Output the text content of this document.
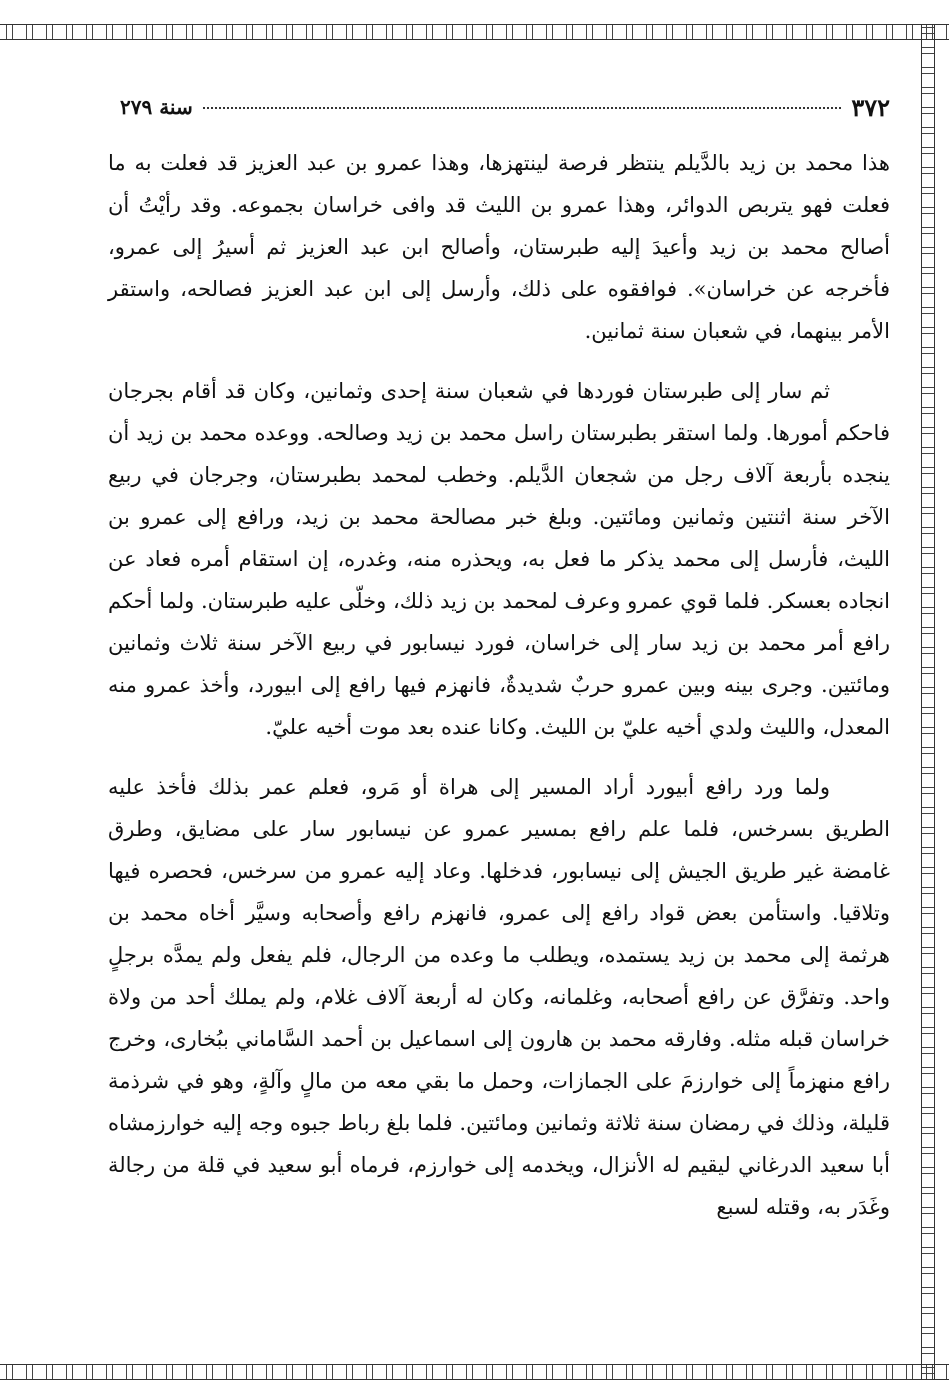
٣٧٢
سنة ٢٧٩

هذا محمد بن زيد بالدَّيلم ينتظر فرصة لينتهزها، وهذا عمرو بن عبد العزيز قد فعلت به ما فعلت فهو يتربص الدوائر، وهذا عمرو بن الليث قد وافى خراسان بجموعه. وقد رأيْتُ أن أصالح محمد بن زيد وأعيدَ إليه طبرستان، وأصالح ابن عبد العزيز ثم أسيرُ إلى عمرو، فأخرجه عن خراسان». فوافقوه على ذلك، وأرسل إلى ابن عبد العزيز فصالحه، واستقر الأمر بينهما، في شعبان سنة ثمانين.

ثم سار إلى طبرستان فوردها في شعبان سنة إحدى وثمانين، وكان قد أقام بجرجان فاحكم أمورها. ولما استقر بطبرستان راسل محمد بن زيد وصالحه. ووعده محمد بن زيد أن ينجده بأربعة آلاف رجل من شجعان الدَّيلم. وخطب لمحمد بطبرستان، وجرجان في ربيع الآخر سنة اثنتين وثمانين ومائتين. وبلغ خبر مصالحة محمد بن زيد، ورافع إلى عمرو بن الليث، فأرسل إلى محمد يذكر ما فعل به، ويحذره منه، وغدره، إن استقام أمره فعاد عن انجاده بعسكر. فلما قوي عمرو وعرف لمحمد بن زيد ذلك، وخلّى عليه طبرستان. ولما أحكم رافع أمر محمد بن زيد سار إلى خراسان، فورد نيسابور في ربيع الآخر سنة ثلاث وثمانين ومائتين. وجرى بينه وبين عمرو حربٌ شديدةٌ، فانهزم فيها رافع إلى ابيورد، وأخذ عمرو منه المعدل، والليث ولدي أخيه عليّ بن الليث. وكانا عنده بعد موت أخيه عليّ.

ولما ورد رافع أبيورد أراد المسير إلى هراة أو مَرو، فعلم عمر بذلك فأخذ عليه الطريق بسرخس، فلما علم رافع بمسير عمرو عن نيسابور سار على مضايق، وطرق غامضة غير طريق الجيش إلى نيسابور، فدخلها. وعاد إليه عمرو من سرخس، فحصره فيها وتلاقيا. واستأمن بعض قواد رافع إلى عمرو، فانهزم رافع وأصحابه وسيَّر أخاه محمد بن هرثمة إلى محمد بن زيد يستمده، ويطلب ما وعده من الرجال، فلم يفعل ولم يمدَّه برجلٍ واحد. وتفرَّق عن رافع أصحابه، وغلمانه، وكان له أربعة آلاف غلام، ولم يملك أحد من ولاة خراسان قبله مثله. وفارقه محمد بن هارون إلى اسماعيل بن أحمد السَّاماني ببُخارى، وخرج رافع منهزماً إلى خوارزمَ على الجمازات، وحمل ما بقي معه من مالٍ وآلةٍ، وهو في شرذمة قليلة، وذلك في رمضان سنة ثلاثة وثمانين ومائتين. فلما بلغ رباط جبوه وجه إليه خوارزمشاه أبا سعيد الدرغاني ليقيم له الأنزال، ويخدمه إلى خوارزم، فرماه أبو سعيد في قلة من رجالة وغَدَر به، وقتله لسبع
